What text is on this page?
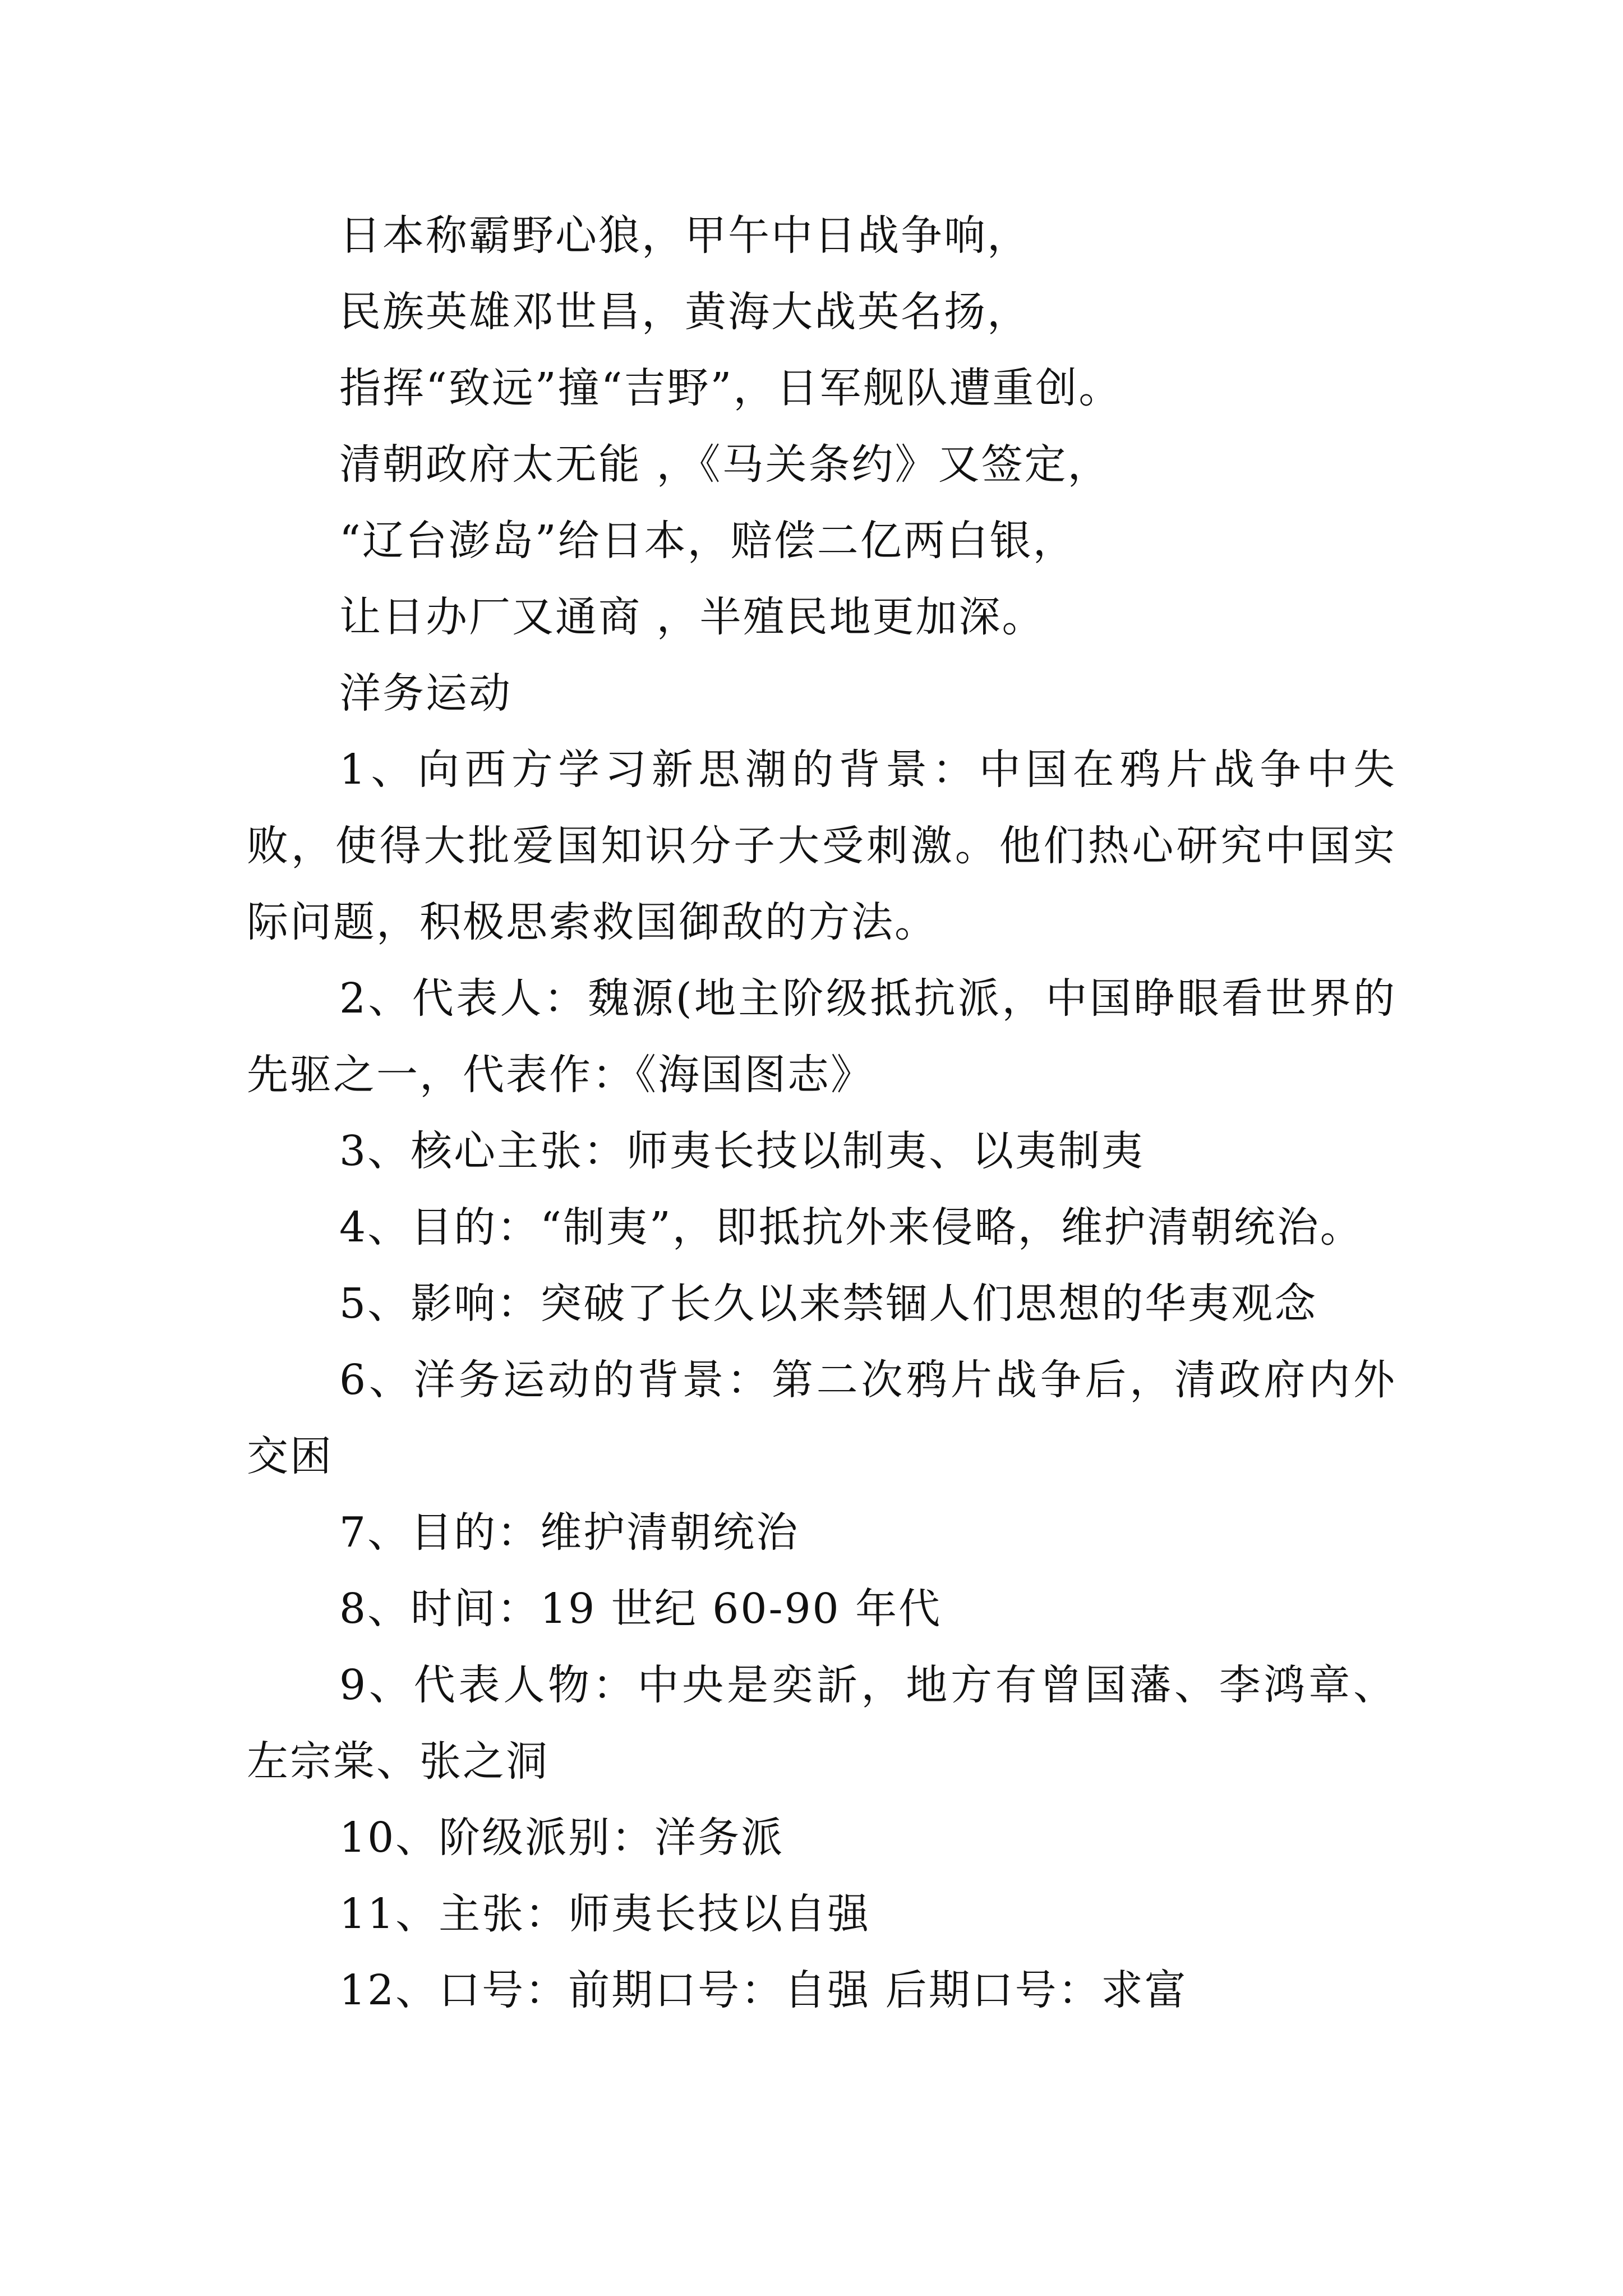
日本称霸野心狼，甲午中日战争响，

民族英雄邓世昌，黄海大战英名扬，

指挥“致远”撞“吉野”，日军舰队遭重创。

清朝政府太无能 ，《马关条约》又签定，

“辽台澎岛”给日本，赔偿二亿两白银，

让日办厂又通商 ，半殖民地更加深。

洋务运动

1、向西方学习新思潮的背景：中国在鸦片战争中失败，使得大批爱国知识分子大受刺激。他们热心研究中国实际问题，积极思索救国御敌的方法。

2、代表人：魏源(地主阶级抵抗派，中国睁眼看世界的先驱之一，代表作：《海国图志》

3、核心主张：师夷长技以制夷、以夷制夷

4、目的：“制夷”，即抵抗外来侵略，维护清朝统治。

5、影响：突破了长久以来禁锢人们思想的华夷观念

6、洋务运动的背景：第二次鸦片战争后，清政府内外交困

7、目的：维护清朝统治

8、时间：19 世纪 60-90 年代

9、代表人物：中央是奕訢，地方有曾国藩、李鸿章、左宗棠、张之洞

10、阶级派别：洋务派

11、主张：师夷长技以自强

12、口号：前期口号：自强 后期口号：求富
